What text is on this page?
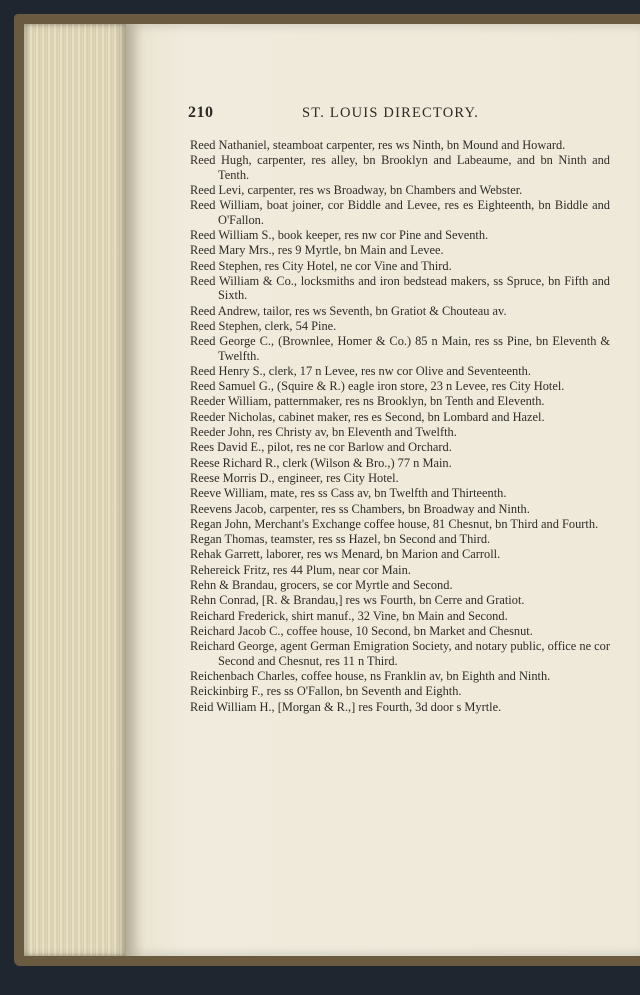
210	ST. LOUIS DIRECTORY.

Reed Nathaniel, steamboat carpenter, res ws Ninth, bn Mound and Howard.

Reed Hugh, carpenter, res alley, bn Brooklyn and Labeaume, and bn Ninth and Tenth.

Reed Levi, carpenter, res ws Broadway, bn Chambers and Webster.

Reed William, boat joiner, cor Biddle and Levee, res es Eighteenth, bn Biddle and O'Fallon.

Reed William S., book keeper, res nw cor Pine and Seventh.

Reed Mary Mrs., res 9 Myrtle, bn Main and Levee.

Reed Stephen, res City Hotel, ne cor Vine and Third.

Reed William & Co., locksmiths and iron bedstead makers, ss Spruce, bn Fifth and Sixth.

Reed Andrew, tailor, res ws Seventh, bn Gratiot & Chouteau av.

Reed Stephen, clerk, 54 Pine.

Reed George C., (Brownlee, Homer & Co.) 85 n Main, res ss Pine, bn Eleventh & Twelfth.

Reed Henry S., clerk, 17 n Levee, res nw cor Olive and Seventeenth.

Reed Samuel G., (Squire & R.) eagle iron store, 23 n Levee, res City Hotel.

Reeder William, patternmaker, res ns Brooklyn, bn Tenth and Eleventh.

Reeder Nicholas, cabinet maker, res es Second, bn Lombard and Hazel.

Reeder John, res Christy av, bn Eleventh and Twelfth.

Rees David E., pilot, res ne cor Barlow and Orchard.

Reese Richard R., clerk (Wilson & Bro.,) 77 n Main.

Reese Morris D., engineer, res City Hotel.

Reeve William, mate, res ss Cass av, bn Twelfth and Thirteenth.

Reevens Jacob, carpenter, res ss Chambers, bn Broadway and Ninth.

Regan John, Merchant's Exchange coffee house, 81 Chesnut, bn Third and Fourth.

Regan Thomas, teamster, res ss Hazel, bn Second and Third.

Rehak Garrett, laborer, res ws Menard, bn Marion and Carroll.

Rehereick Fritz, res 44 Plum, near cor Main.

Rehn & Brandau, grocers, se cor Myrtle and Second.

Rehn Conrad, [R. & Brandau,] res ws Fourth, bn Cerre and Gratiot.

Reichard Frederick, shirt manuf., 32 Vine, bn Main and Second.

Reichard Jacob C., coffee house, 10 Second, bn Market and Chesnut.

Reichard George, agent German Emigration Society, and notary public, office ne cor Second and Chesnut, res 11 n Third.

Reichenbach Charles, coffee house, ns Franklin av, bn Eighth and Ninth.

Reickinbirg F., res ss O'Fallon, bn Seventh and Eighth.

Reid William H., [Morgan & R.,] res Fourth, 3d door s Myrtle.
